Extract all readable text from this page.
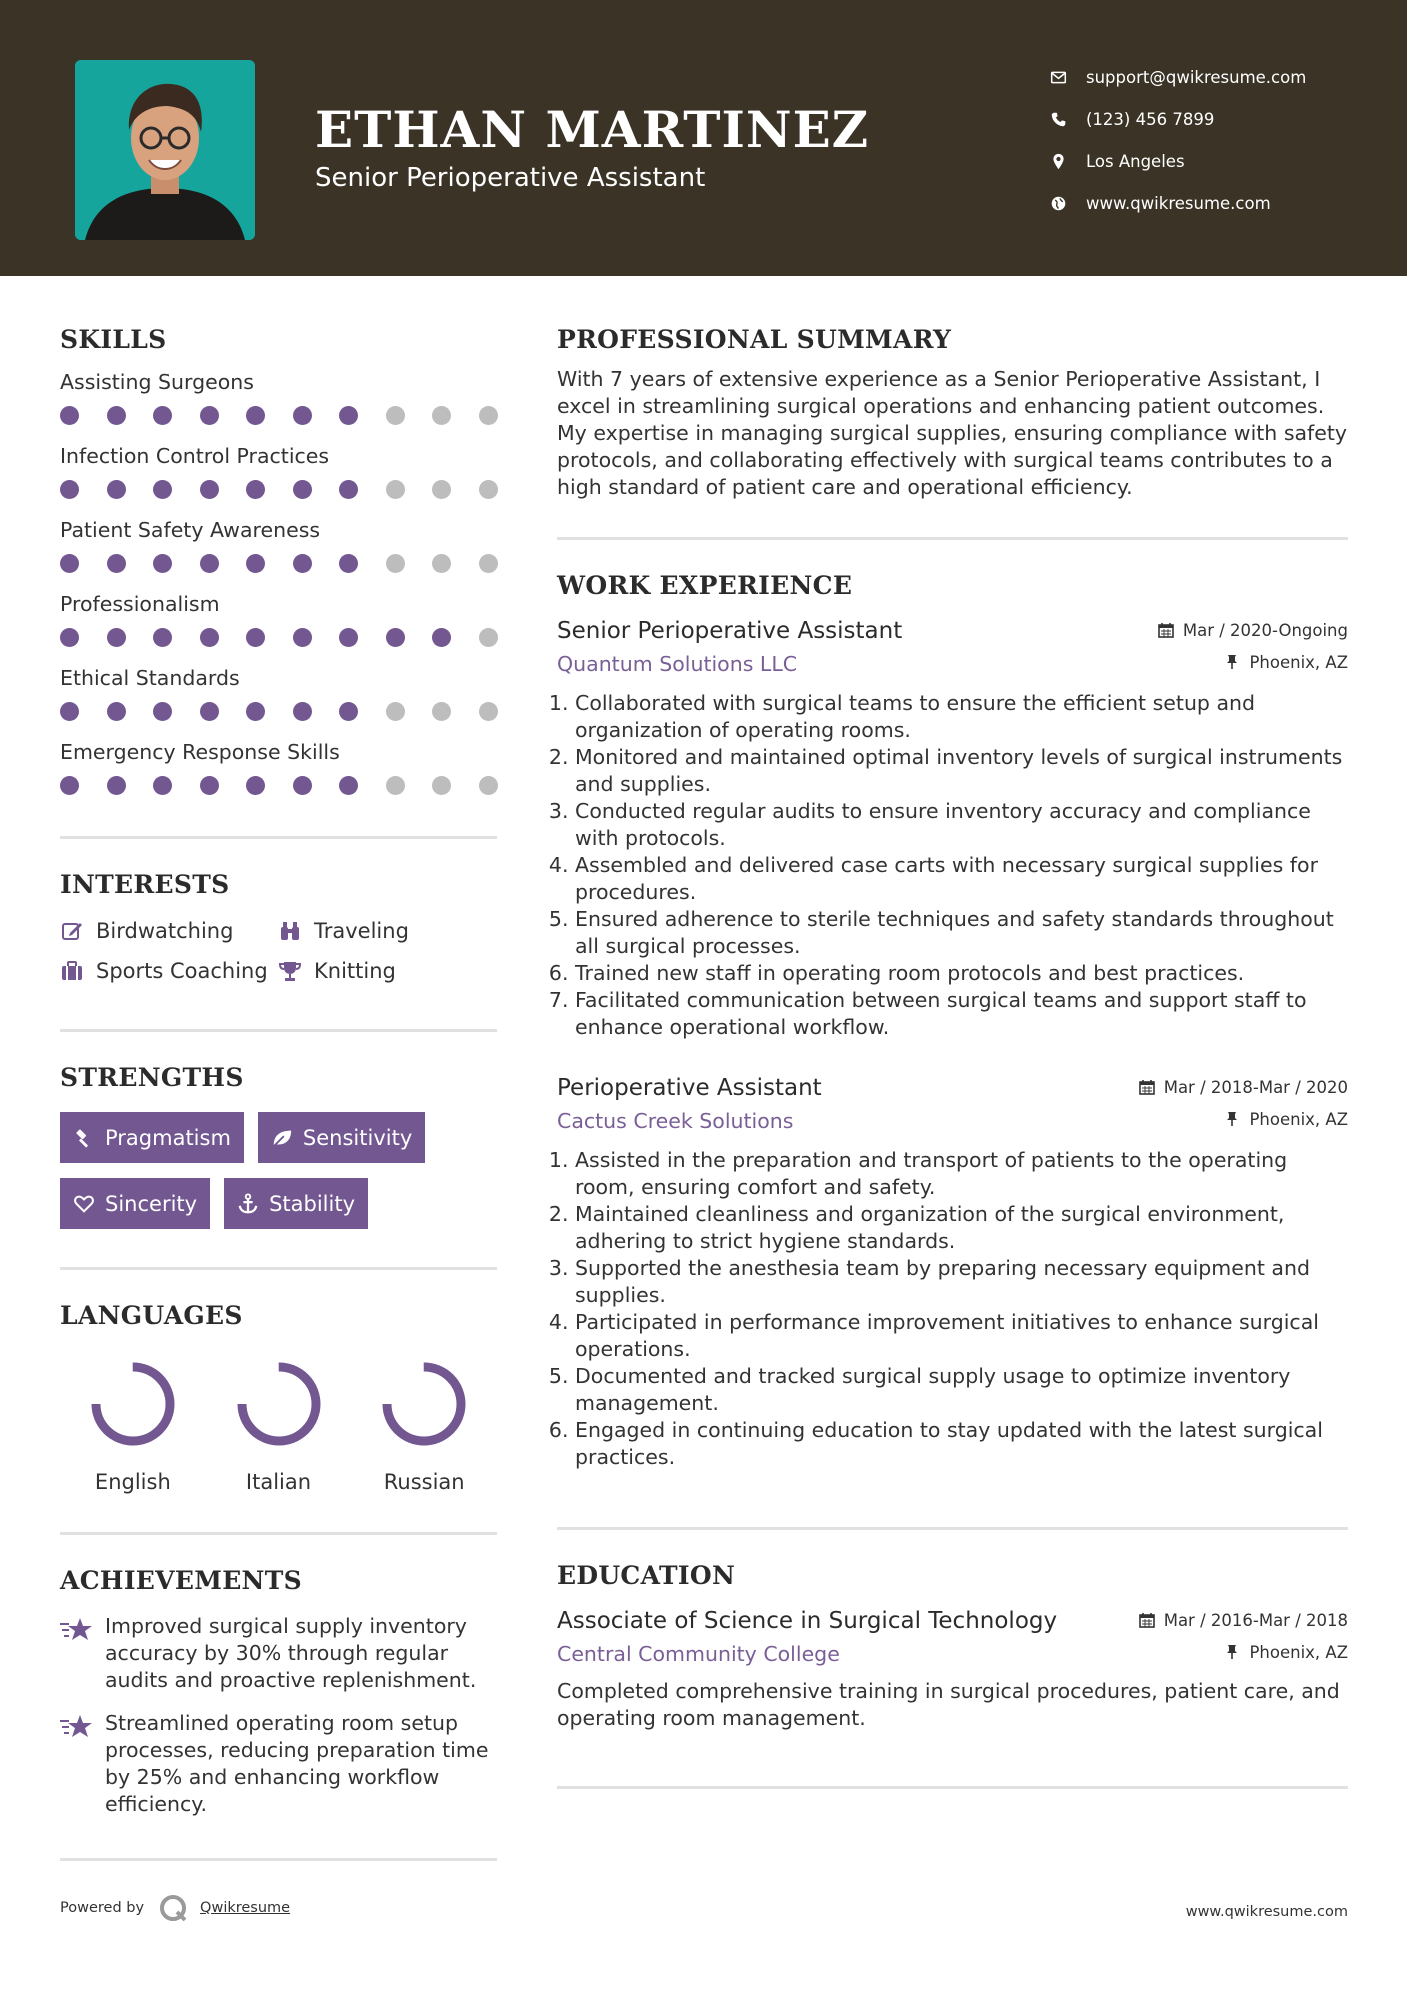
ETHAN MARTINEZ
Senior Perioperative Assistant
support@qwikresume.com
(123) 456 7899
Los Angeles
www.qwikresume.com
SKILLS
Assisting Surgeons
Infection Control Practices
Patient Safety Awareness
Professionalism
Ethical Standards
Emergency Response Skills
INTERESTS
Birdwatching	Traveling
Sports Coaching Knitting
STRENGTHS
Pragmatism	Sensitivity
Sincerity	Stability
LANGUAGES
English	Italian	Russian
ACHIEVEMENTS
Improved surgical supply inventory accuracy by 30% through regular audits and proactive replenishment.
Streamlined operating room setup processes, reducing preparation time by 25% and enhancing workflow efficiency.
PROFESSIONAL SUMMARY
With 7 years of extensive experience as a Senior Perioperative Assistant, I excel in streamlining surgical operations and enhancing patient outcomes. My expertise in managing surgical supplies, ensuring compliance with safety protocols, and collaborating effectively with surgical teams contributes to a high standard of patient care and operational efficiency.
WORK EXPERIENCE
Senior Perioperative Assistant
Quantum Solutions LLC
Mar / 2020-Ongoing
Phoenix, AZ
1. Collaborated with surgical teams to ensure the efficient setup and organization of operating rooms.
2. Monitored and maintained optimal inventory levels of surgical instruments and supplies.
3. Conducted regular audits to ensure inventory accuracy and compliance with protocols.
4. Assembled and delivered case carts with necessary surgical supplies for procedures.
5. Ensured adherence to sterile techniques and safety standards throughout all surgical processes.
6. Trained new staff in operating room protocols and best practices.
7. Facilitated communication between surgical teams and support staff to enhance operational workflow.
Perioperative Assistant
Cactus Creek Solutions
Mar / 2018-Mar / 2020
Phoenix, AZ
1. Assisted in the preparation and transport of patients to the operating room, ensuring comfort and safety.
2. Maintained cleanliness and organization of the surgical environment, adhering to strict hygiene standards.
3. Supported the anesthesia team by preparing necessary equipment and supplies.
4. Participated in performance improvement initiatives to enhance surgical operations.
5. Documented and tracked surgical supply usage to optimize inventory management.
6. Engaged in continuing education to stay updated with the latest surgical practices.
EDUCATION
Associate of Science in Surgical Technology
Central Community College
Mar / 2016-Mar / 2018
Phoenix, AZ
Completed comprehensive training in surgical procedures, patient care, and operating room management.
Powered by	Qwikresume	www.qwikresume.com
